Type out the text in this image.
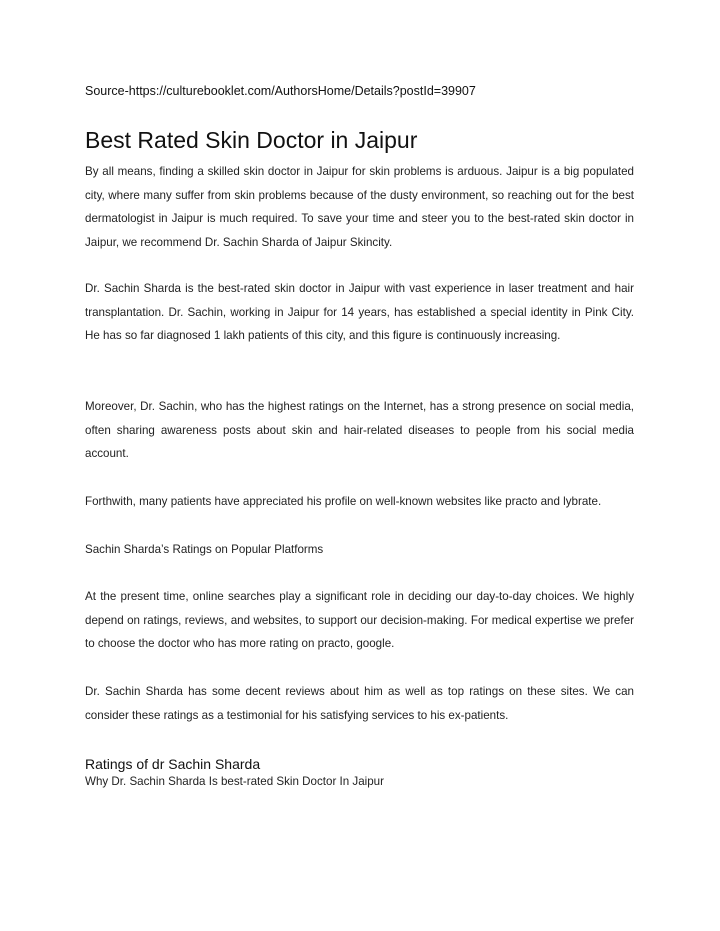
Source-https://culturebooklet.com/AuthorsHome/Details?postId=39907
Best Rated Skin Doctor in Jaipur

By all means, finding a skilled skin doctor in Jaipur for skin problems is arduous. Jaipur is a big populated city, where many suffer from skin problems because of the dusty environment, so reaching out for the best dermatologist in Jaipur is much required. To save your time and steer you to the best-rated skin doctor in Jaipur, we recommend Dr. Sachin Sharda of Jaipur Skincity.

Dr. Sachin Sharda is the best-rated skin doctor in Jaipur with vast experience in laser treatment and hair transplantation. Dr. Sachin, working in Jaipur for 14 years, has established a special identity in Pink City. He has so far diagnosed 1 lakh patients of this city, and this figure is continuously increasing.

Moreover, Dr. Sachin, who has the highest ratings on the Internet, has a strong presence on social media, often sharing awareness posts about skin and hair-related diseases to people from his social media account.

Forthwith, many patients have appreciated his profile on well-known websites like practo and lybrate.

Sachin Sharda’s Ratings on Popular Platforms

At the present time, online searches play a significant role in deciding our day-to-day choices. We highly depend on ratings, reviews, and websites, to support our decision-making. For medical expertise we prefer to choose the doctor who has more rating on practo, google.

Dr. Sachin Sharda has some decent reviews about him as well as top ratings on these sites. We can consider these ratings as a testimonial for his satisfying services to his ex-patients.

Ratings of dr Sachin Sharda

Why Dr. Sachin Sharda Is best-rated Skin Doctor In Jaipur
